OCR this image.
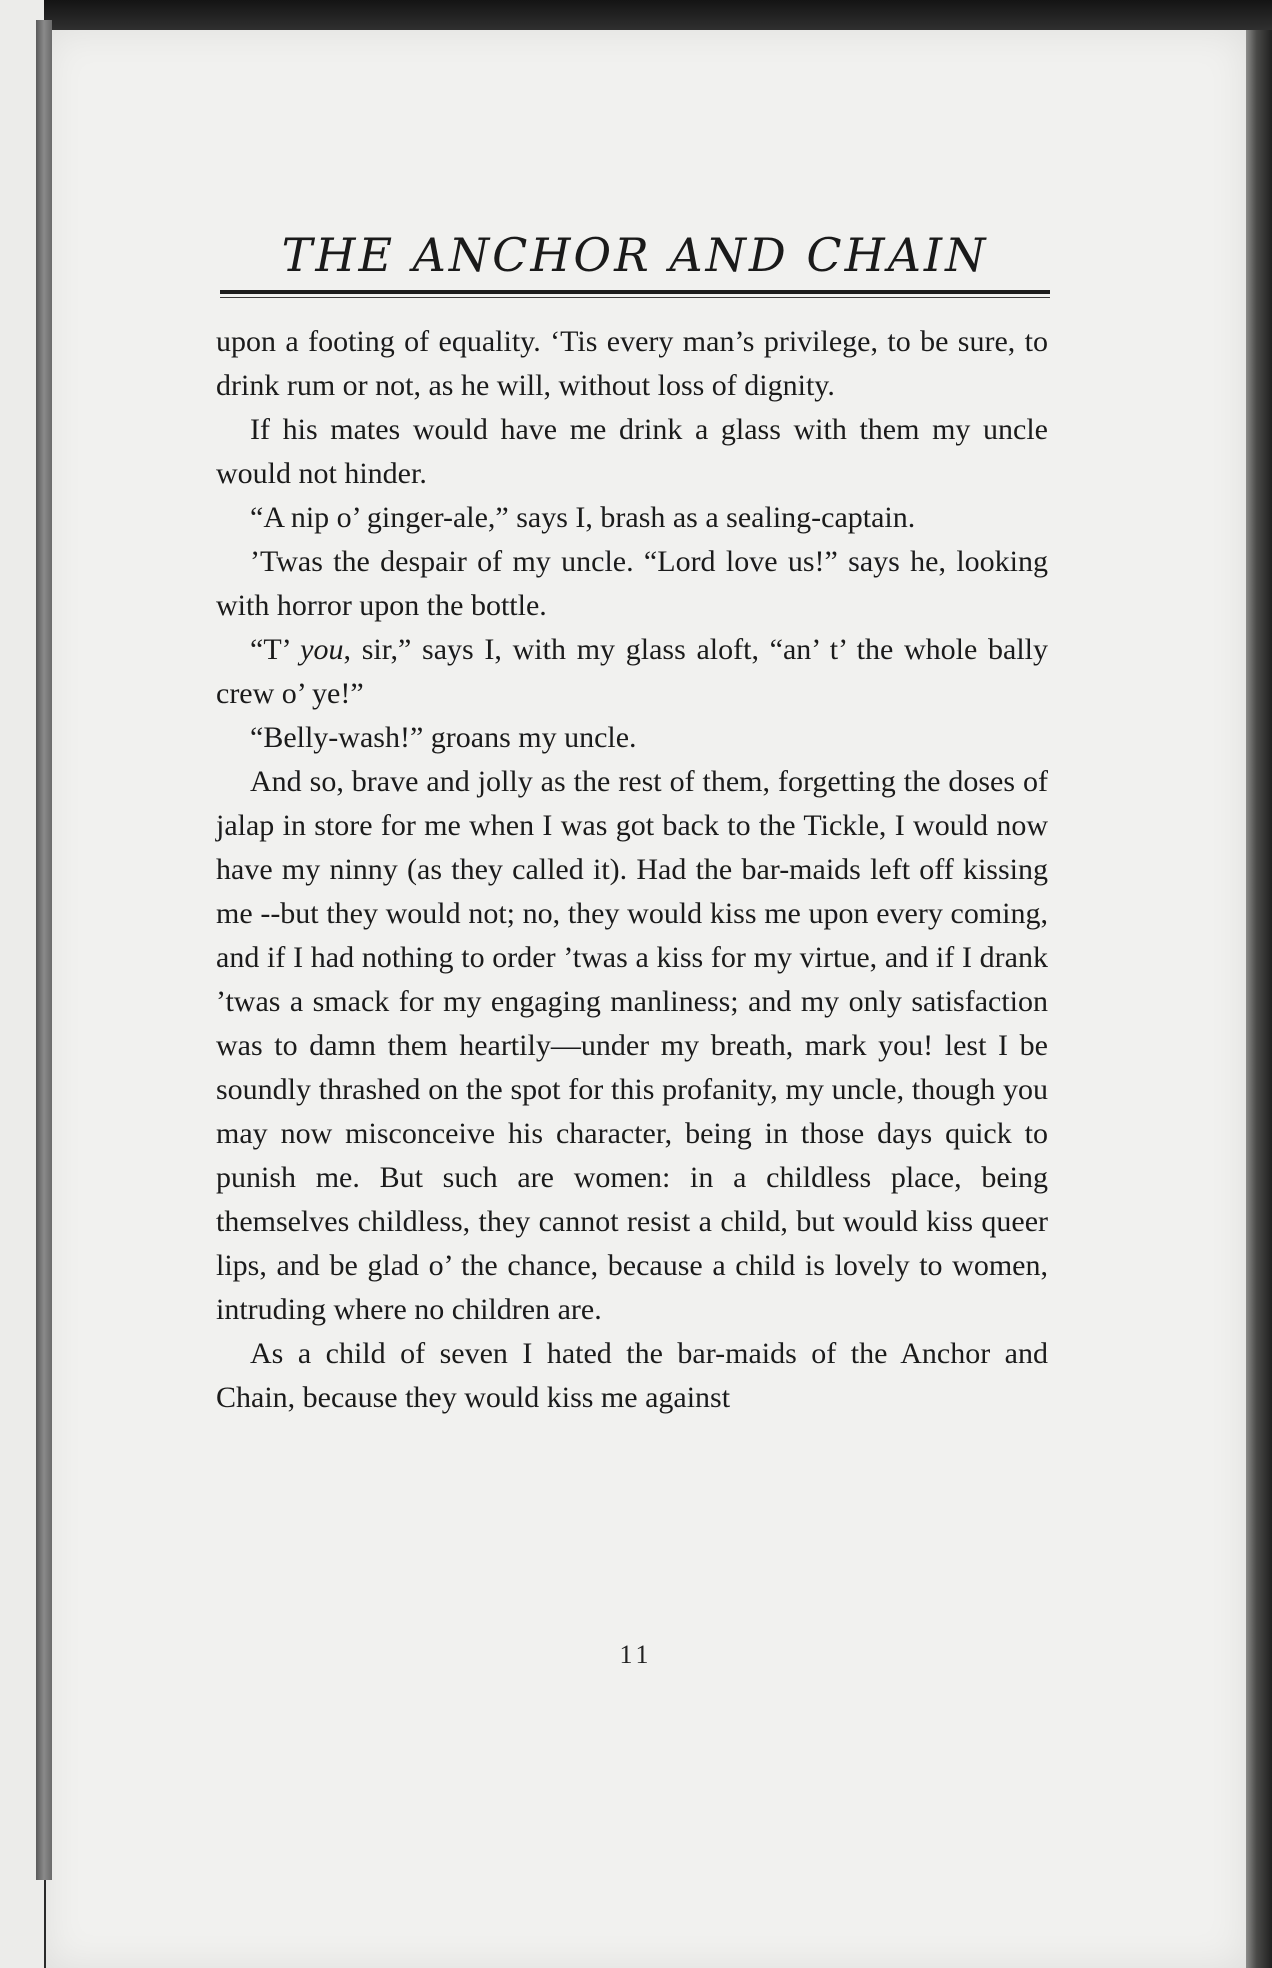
THE ANCHOR AND CHAIN

upon a footing of equality. ‘Tis every man’s privilege, to be sure, to drink rum or not, as he will, without loss of dignity.

If his mates would have me drink a glass with them my uncle would not hinder.

“A nip o’ ginger-ale,” says I, brash as a sealing-captain.

’Twas the despair of my uncle. “Lord love us!” says he, looking with horror upon the bottle.

“T’ you, sir,” says I, with my glass aloft, “an’ t’ the whole bally crew o’ ye!”

“Belly-wash!” groans my uncle.

And so, brave and jolly as the rest of them, forgetting the doses of jalap in store for me when I was got back to the Tickle, I would now have my ninny (as they called it). Had the bar-maids left off kissing me --but they would not; no, they would kiss me upon every coming, and if I had nothing to order ’twas a kiss for my virtue, and if I drank ’twas a smack for my engaging manliness; and my only satisfaction was to damn them heartily—under my breath, mark you! lest I be soundly thrashed on the spot for this profanity, my uncle, though you may now misconceive his character, being in those days quick to punish me. But such are women: in a childless place, being themselves childless, they cannot resist a child, but would kiss queer lips, and be glad o’ the chance, because a child is lovely to women, intruding where no children are.

As a child of seven I hated the bar-maids of the Anchor and Chain, because they would kiss me against

11
